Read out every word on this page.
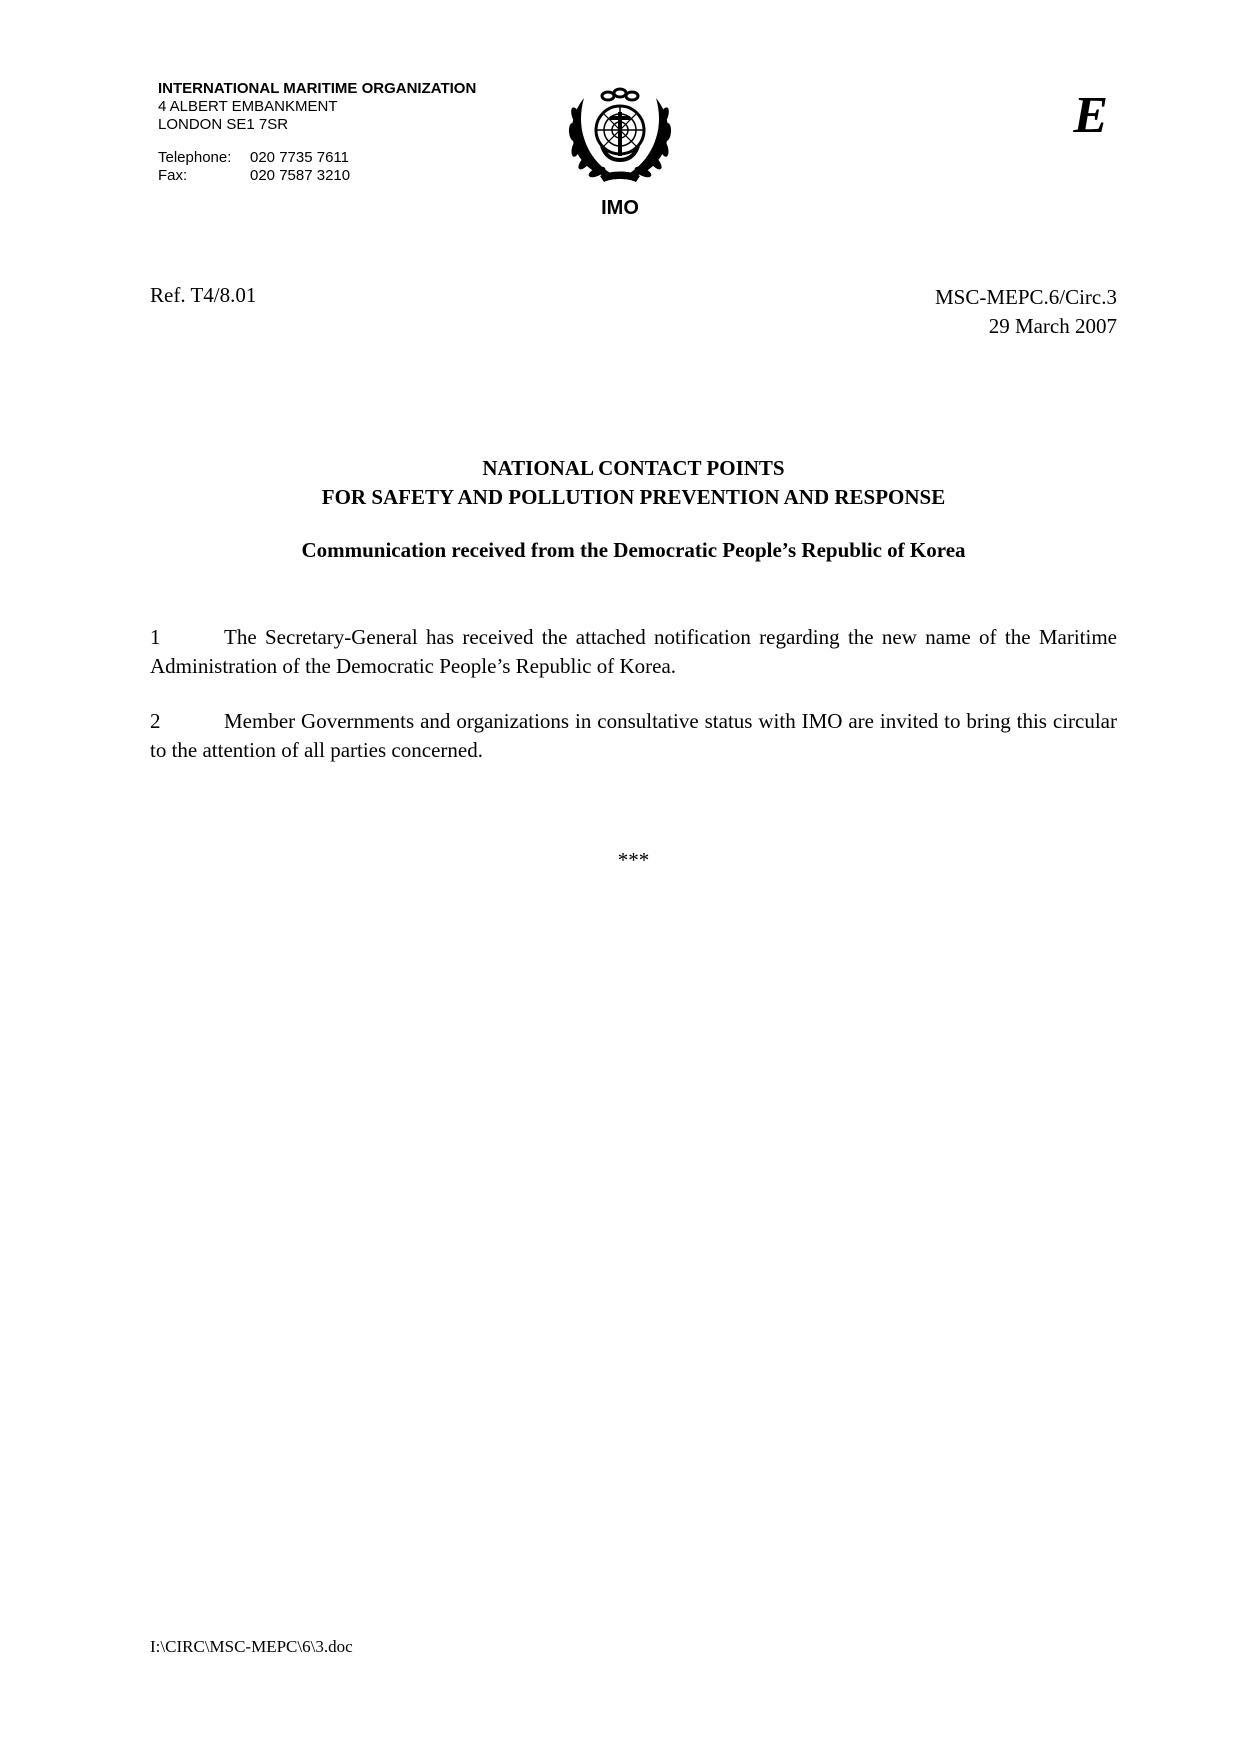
INTERNATIONAL MARITIME ORGANIZATION
4 ALBERT EMBANKMENT
LONDON SE1 7SR
Telephone:	020 7735 7611
Fax:	020 7587 3210
IMO
E
Ref. T4/8.01	MSC-MEPC.6/Circ.3
29 March 2007
NATIONAL CONTACT POINTS
FOR SAFETY AND POLLUTION PREVENTION AND RESPONSE
Communication received from the Democratic People’s Republic of Korea
1	The Secretary-General has received the attached notification regarding the new name of the Maritime Administration of the Democratic People’s Republic of Korea.
2	Member Governments and organizations in consultative status with IMO are invited to bring this circular to the attention of all parties concerned.
***
I:\CIRC\MSC-MEPC\6\3.doc
